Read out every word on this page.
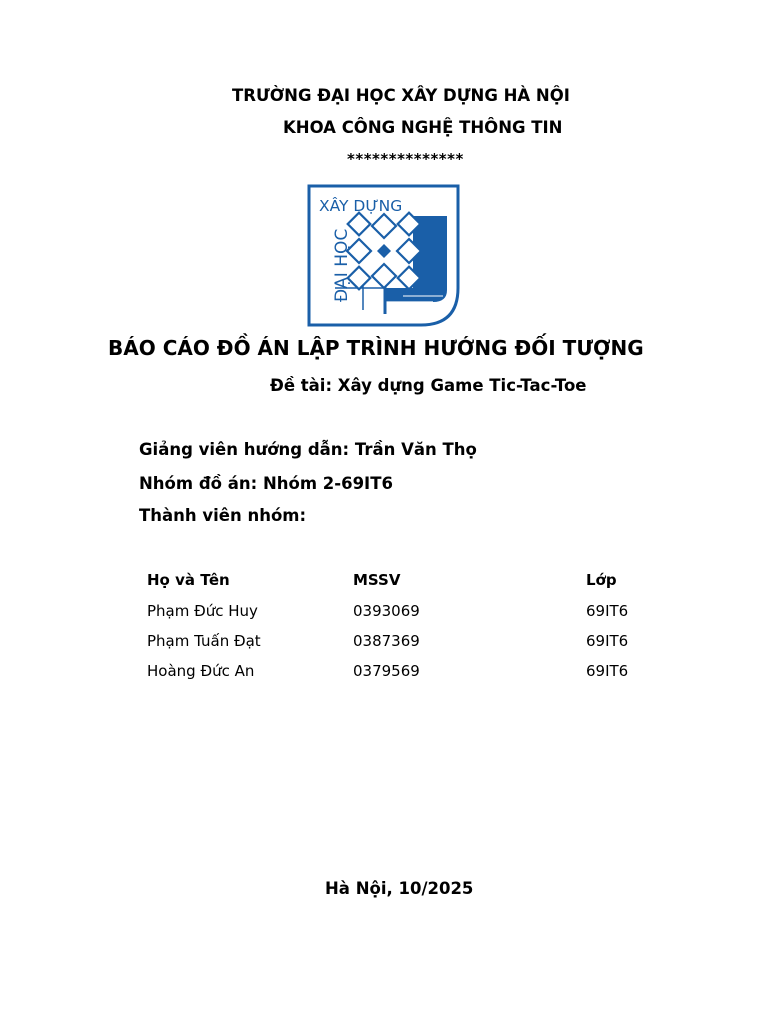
TRƯỜNG ĐẠI HỌC XÂY DỰNG HÀ NỘI
KHOA CÔNG NGHỆ THÔNG TIN
**************
XÂY DỰNG
ĐẠI HỌC
BÁO CÁO ĐỒ ÁN LẬP TRÌNH HƯỚNG ĐỐI TƯỢNG
Đề tài: Xây dựng Game Tic-Tac-Toe
Giảng viên hướng dẫn: Trần Văn Thọ
Nhóm đồ án: Nhóm 2-69IT6
Thành viên nhóm:
Họ và Tên	MSSV	Lớp
Phạm Đức Huy	0393069	69IT6
Phạm Tuấn Đạt	0387369	69IT6
Hoàng Đức An	0379569	69IT6
Hà Nội, 10/2025
